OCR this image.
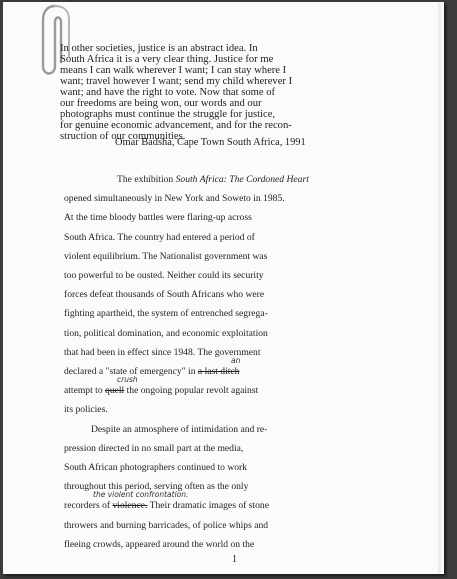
In other societies, justice is an abstract idea. In
South Africa it is a very clear thing. Justice for me
means I can walk wherever I want; I can stay where I
want; travel however I want; send my child wherever I
want; and have the right to vote. Now that some of
our freedoms are being won, our words and our
photographs must continue the struggle for justice,
for genuine economic advancement, and for the recon-
struction of our communities.
Omar Badsha, Cape Town South Africa, 1991
The exhibition South Africa: The Cordoned Heart
opened simultaneously in New York and Soweto in 1985.
At the time bloody battles were flaring-up across
South Africa. The country had entered a period of
violent equilibrium. The Nationalist government was
too powerful to be ousted. Neither could its security
forces defeat thousands of South Africans who were
fighting apartheid, the system of entrenched segrega-
tion, political domination, and economic exploitation
that had been in effect since 1948. The government
an
declared a "state of emergency" in a last ditch
crush
attempt to quell the ongoing popular revolt against
its policies.
Despite an atmosphere of intimidation and re-
pression directed in no small part at the media,
South African photographers continued to work
throughout this period, serving often as the only
the violent confrontation.
recorders of violence. Their dramatic images of stone
throwers and burning barricades, of police whips and
fleeing crowds, appeared around the world on the
1
